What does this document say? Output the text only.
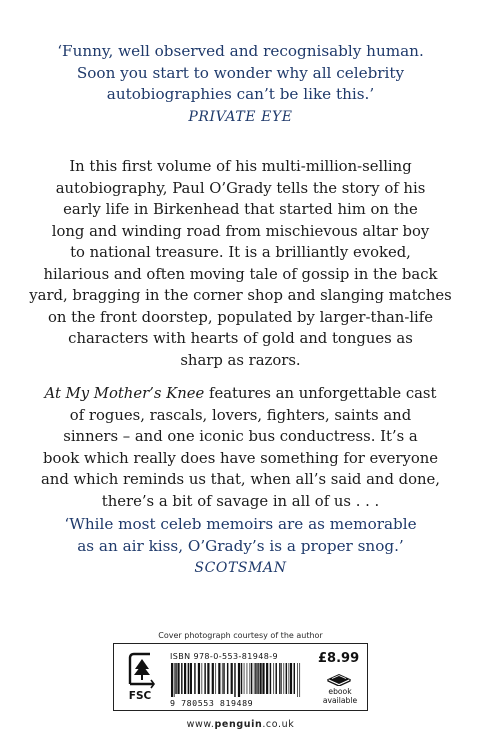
‘Funny, well observed and recognisably human.
Soon you start to wonder why all celebrity
autobiographies can’t be like this.’
PRIVATE EYE
In this first volume of his multi-million-selling
autobiography, Paul O’Grady tells the story of his
early life in Birkenhead that started him on the
long and winding road from mischievous altar boy
to national treasure. It is a brilliantly evoked,
hilarious and often moving tale of gossip in the back
yard, bragging in the corner shop and slanging matches
on the front doorstep, populated by larger-than-life
characters with hearts of gold and tongues as
sharp as razors.
At My Mother’s Knee features an unforgettable cast
of rogues, rascals, lovers, fighters, saints and
sinners – and one iconic bus conductress. It’s a
book which really does have something for everyone
and which reminds us that, when all’s said and done,
there’s a bit of savage in all of us . . .
‘While most celeb memoirs are as memorable
as an air kiss, O’Grady’s is a proper snog.’
SCOTSMAN
Cover photograph courtesy of the author
FSC
ISBN 978-0-553-81948-9
9 780553 819489
£8.99
ebook
available
www.penguin.co.uk
